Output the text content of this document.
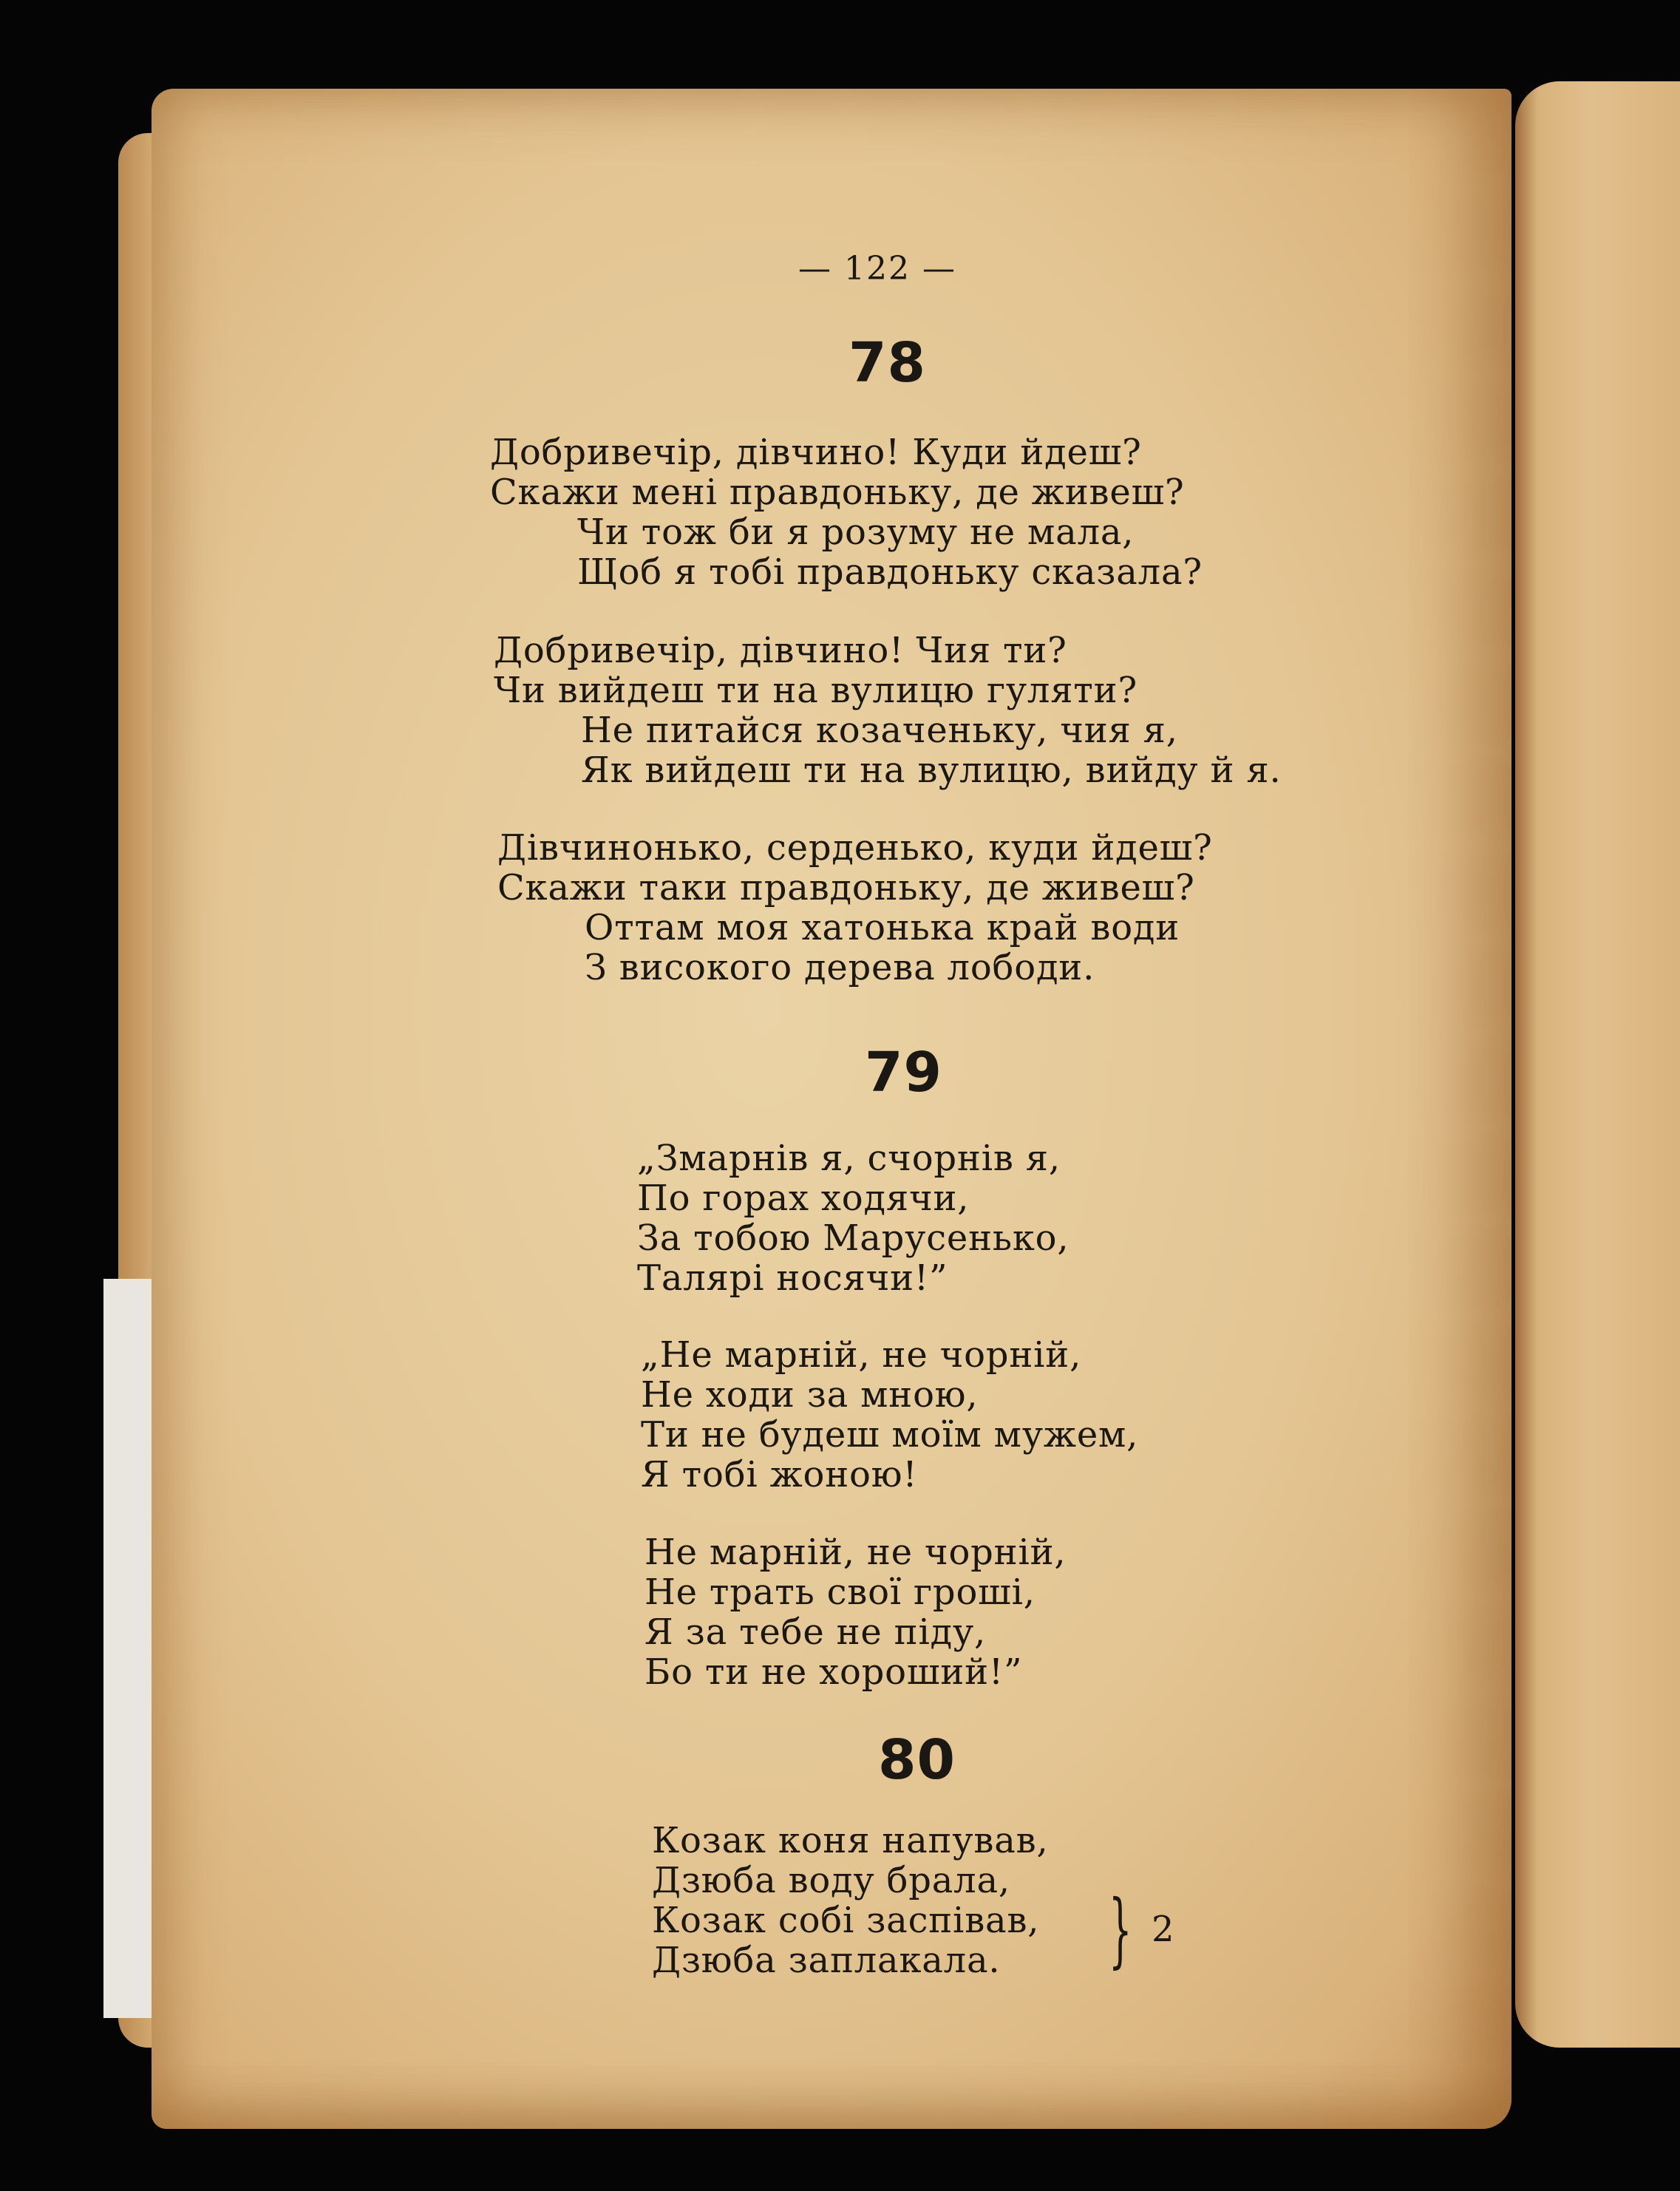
— 122 —
78
Добривечір, дівчино! Куди йдеш?
Скажи мені правдоньку, де живеш?
Чи тож би я розуму не мала,
Щоб я тобі правдоньку сказала?
Добривечір, дівчино! Чия ти?
Чи вийдеш ти на вулицю гуляти?
Не питайся козаченьку, чия я,
Як вийдеш ти на вулицю, вийду й я.
Дівчинонько, серденько, куди йдеш?
Скажи таки правдоньку, де живеш?
Оттам моя хатонька край води
З високого дерева лободи.
79
„Змарнів я, счорнів я,
По горах ходячи,
За тобою Марусенько,
Талярі носячи!”
„Не марній, не чорній,
Не ходи за мною,
Ти не будеш моїм мужем,
Я тобі жоною!
Не марній, не чорній,
Не трать свої гроші,
Я за тебе не піду,
Бо ти не хороший!”
80
Козак коня напував,
Дзюба воду брала,
Козак собі заспівав,
Дзюба заплакала.	} 2
